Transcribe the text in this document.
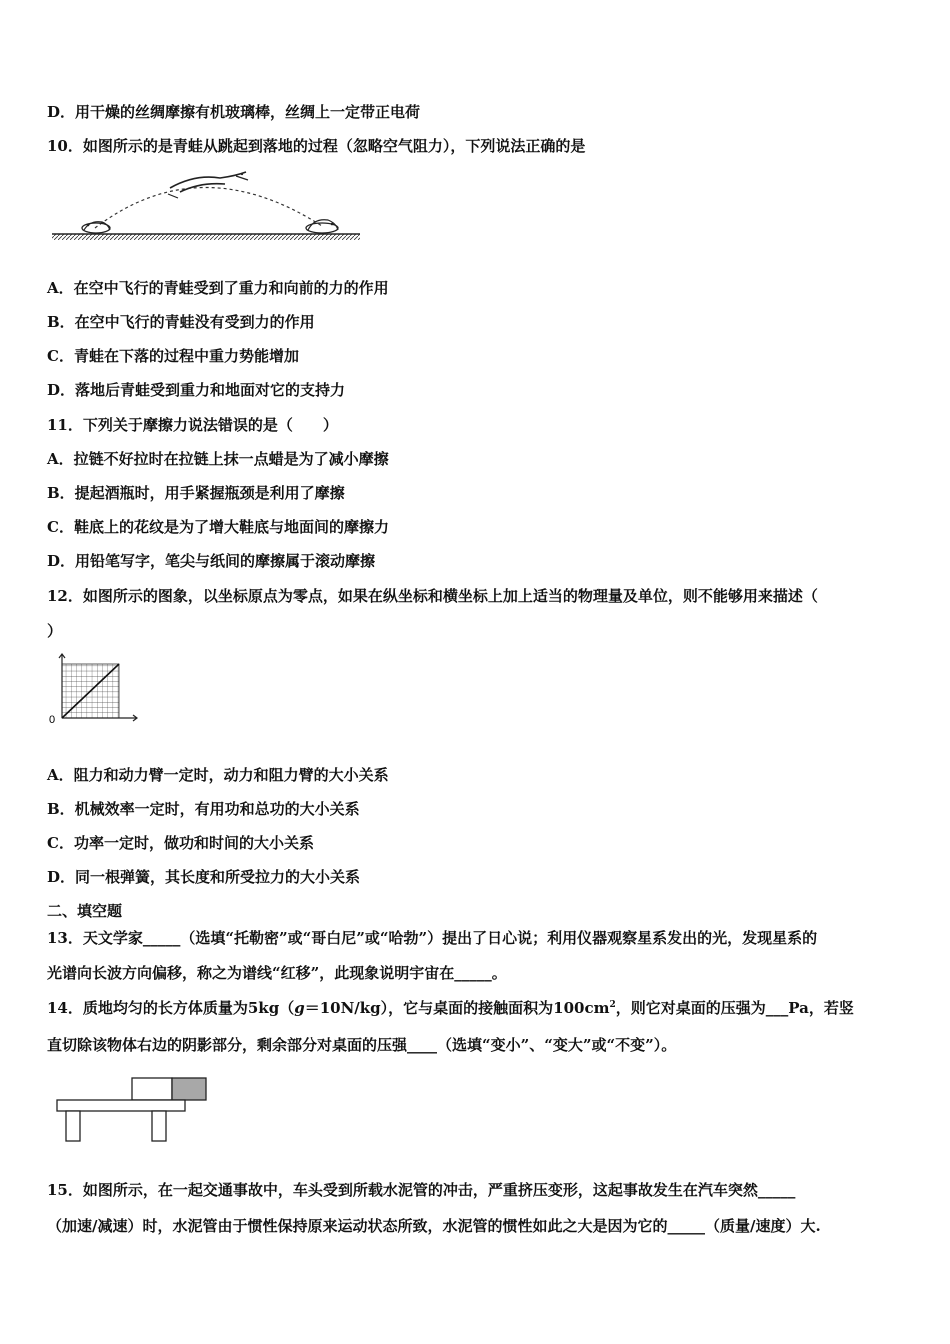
D．用干燥的丝绸摩擦有机玻璃棒，丝绸上一定带正电荷
10．如图所示的是青蛙从跳起到落地的过程（忽略空气阻力），下列说法正确的是
A．在空中飞行的青蛙受到了重力和向前的力的作用
B．在空中飞行的青蛙没有受到力的作用
C．青蛙在下落的过程中重力势能增加
D．落地后青蛙受到重力和地面对它的支持力
11．下列关于摩擦力说法错误的是（　　）
A．拉链不好拉时在拉链上抹一点蜡是为了减小摩擦
B．提起酒瓶时，用手紧握瓶颈是利用了摩擦
C．鞋底上的花纹是为了增大鞋底与地面间的摩擦力
D．用铅笔写字，笔尖与纸间的摩擦属于滚动摩擦
12．如图所示的图象，以坐标原点为零点，如果在纵坐标和横坐标上加上适当的物理量及单位，则不能够用来描述（
）
0
A．阻力和动力臂一定时，动力和阻力臂的大小关系
B．机械效率一定时，有用功和总功的大小关系
C．功率一定时，做功和时间的大小关系
D．同一根弹簧，其长度和所受拉力的大小关系
二、填空题
13．天文学家_____（选填“托勒密”或“哥白尼”或“哈勃”）提出了日心说；利用仪器观察星系发出的光，发现星系的
光谱向长波方向偏移，称之为谱线“红移”，此现象说明宇宙在_____。
14．质地均匀的长方体质量为5kg（g＝10N/kg），它与桌面的接触面积为$100cm^2$，则它对桌面的压强为___Pa，若竖
直切除该物体右边的阴影部分，剩余部分对桌面的压强____（选填“变小”、“变大”或“不变”）。
15．如图所示，在一起交通事故中，车头受到所载水泥管的冲击，严重挤压变形，这起事故发生在汽车突然_____
（加速/减速）时，水泥管由于惯性保持原来运动状态所致，水泥管的惯性如此之大是因为它的_____（质量/速度）大.
